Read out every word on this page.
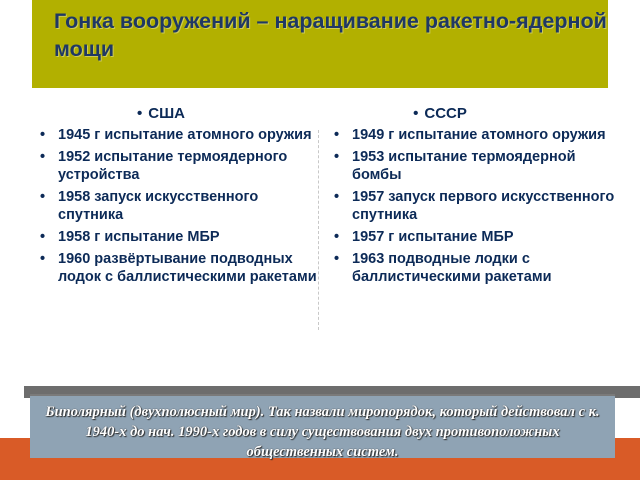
Гонка вооружений – наращивание ракетно-ядерной мощи
• США
• 1945 г испытание атомного оружия
• 1952 испытание термоядерного устройства
• 1958 запуск искусственного спутника
• 1958 г испытание МБР
• 1960 развёртывание подводных лодок с баллистическими ракетами
• СССР
• 1949 г испытание атомного оружия
• 1953 испытание термоядерной бомбы
• 1957 запуск первого искусственного спутника
• 1957 г испытание МБР
• 1963 подводные лодки с баллистическими ракетами

Биполярный (двухполюсный мир). Так назвали миропорядок, который действовал с к. 1940-х до нач. 1990-х годов в силу существования двух противоположных общественных систем.
